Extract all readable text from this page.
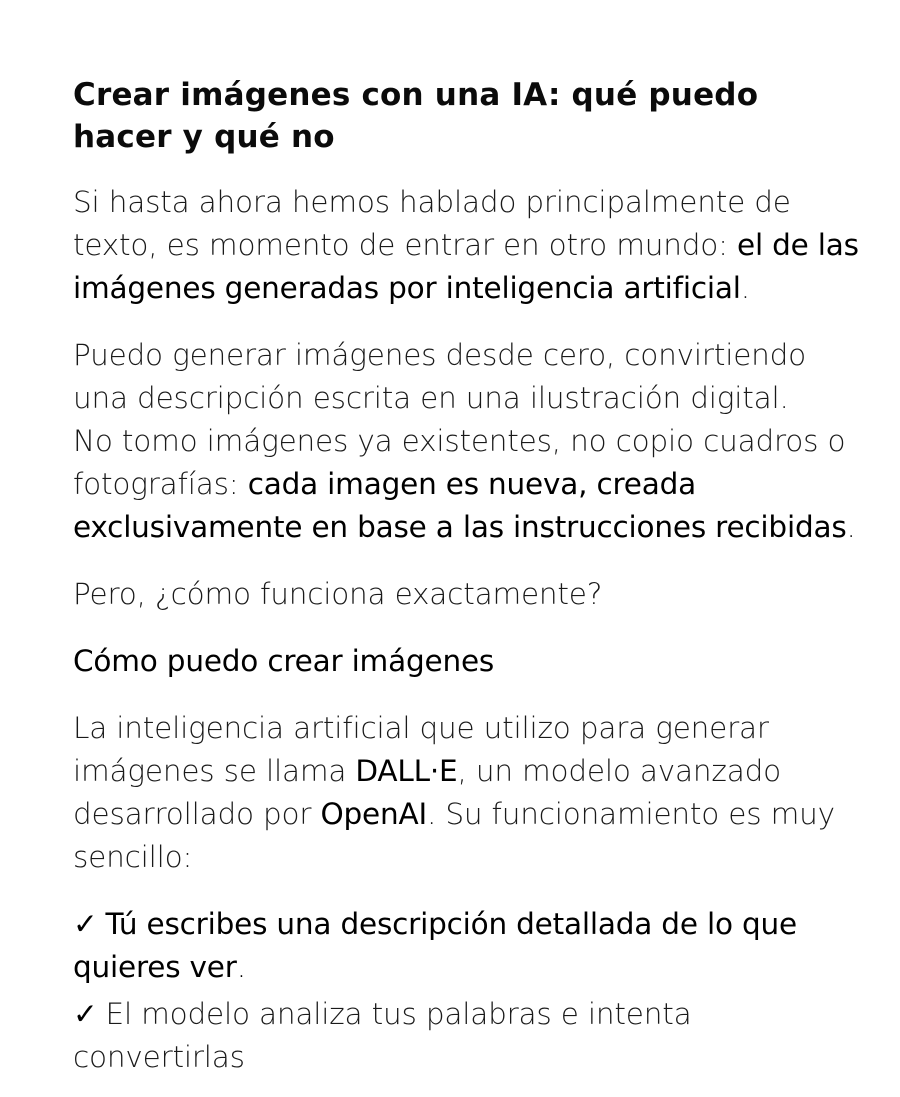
Crear imágenes con una IA: qué puedo hacer y qué no

Si hasta ahora hemos hablado principalmente de texto, es momento de entrar en otro mundo: el de las imágenes generadas por inteligencia artificial.

Puedo generar imágenes desde cero, convirtiendo una descripción escrita en una ilustración digital.
No tomo imágenes ya existentes, no copio cuadros o fotografías: cada imagen es nueva, creada exclusivamente en base a las instrucciones recibidas.

Pero, ¿cómo funciona exactamente?

Cómo puedo crear imágenes

La inteligencia artificial que utilizo para generar imágenes se llama DALL·E, un modelo avanzado desarrollado por OpenAI. Su funcionamiento es muy sencillo:

✓ Tú escribes una descripción detallada de lo que quieres ver.
✓ El modelo analiza tus palabras e intenta convertirlas
